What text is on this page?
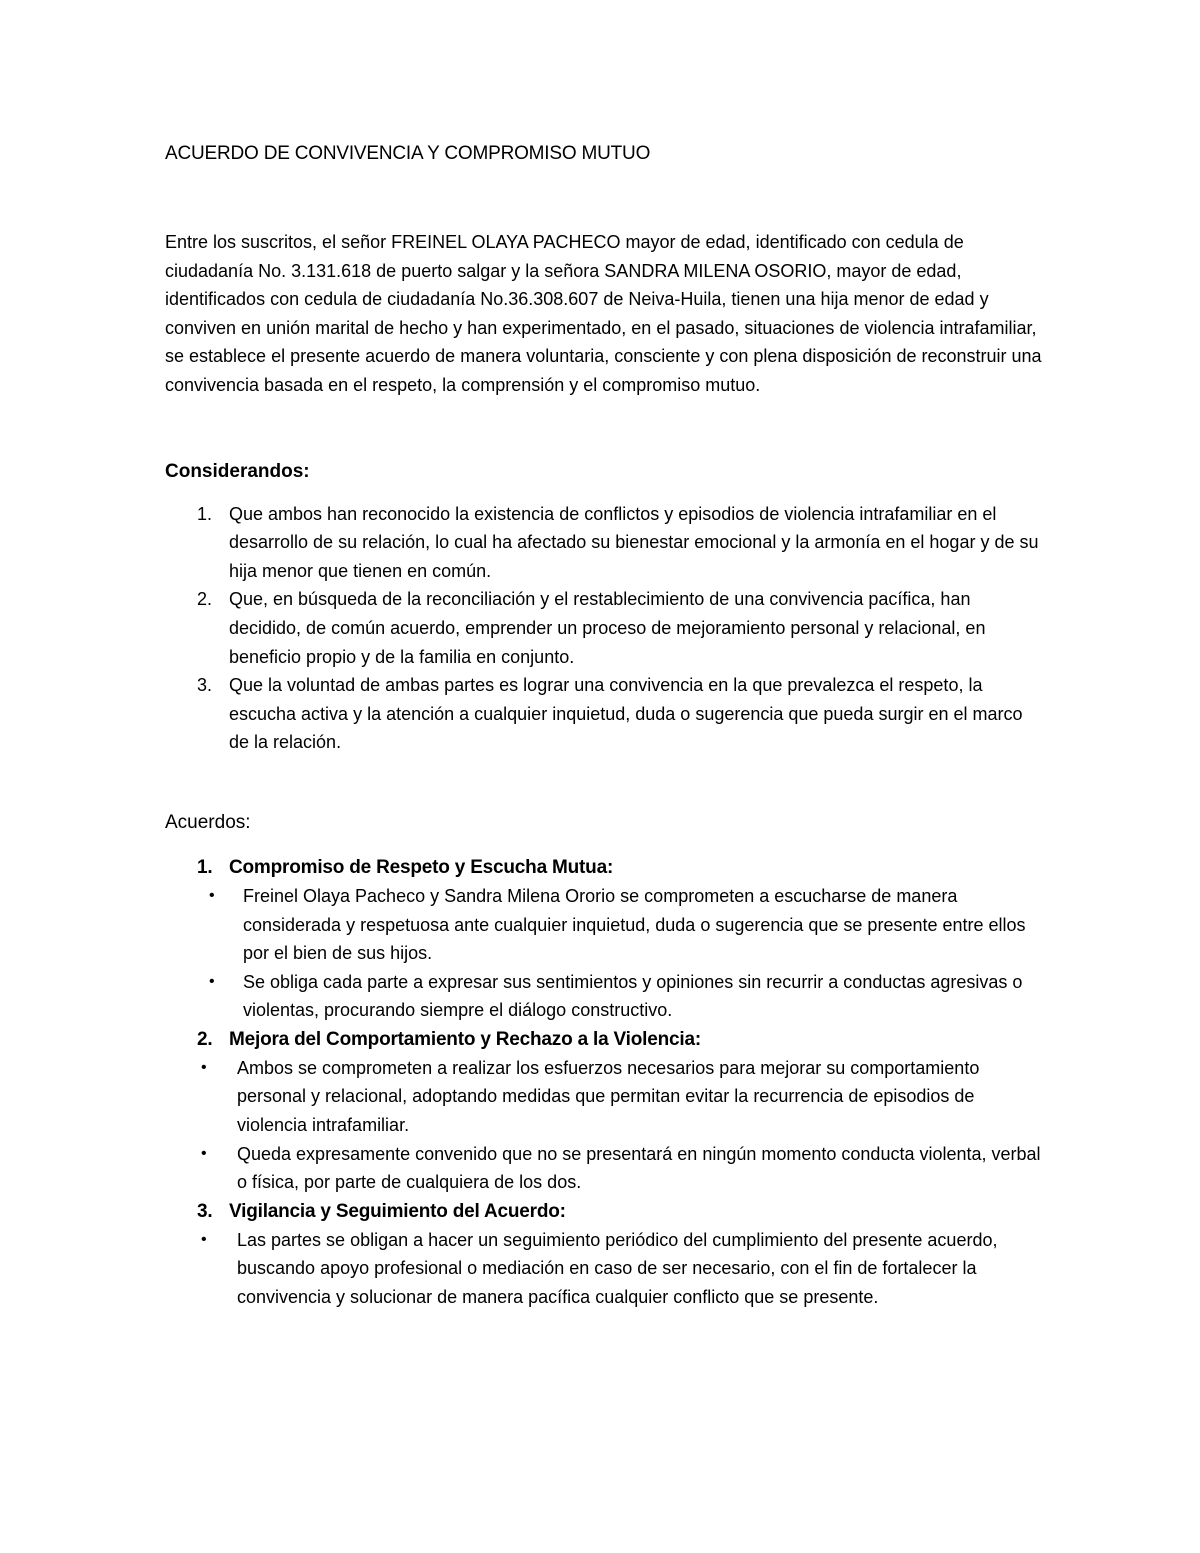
ACUERDO DE CONVIVENCIA Y COMPROMISO MUTUO

Entre los suscritos, el señor FREINEL OLAYA PACHECO mayor de edad, identificado con cedula de ciudadanía No. 3.131.618 de puerto salgar y la señora SANDRA MILENA OSORIO, mayor de edad, identificados con cedula de ciudadanía No.36.308.607 de Neiva-Huila, tienen una hija menor de edad y conviven en unión marital de hecho y han experimentado, en el pasado, situaciones de violencia intrafamiliar, se establece el presente acuerdo de manera voluntaria, consciente y con plena disposición de reconstruir una convivencia basada en el respeto, la comprensión y el compromiso mutuo.

Considerandos:
1. Que ambos han reconocido la existencia de conflictos y episodios de violencia intrafamiliar en el desarrollo de su relación, lo cual ha afectado su bienestar emocional y la armonía en el hogar y de su hija menor que tienen en común.
2. Que, en búsqueda de la reconciliación y el restablecimiento de una convivencia pacífica, han decidido, de común acuerdo, emprender un proceso de mejoramiento personal y relacional, en beneficio propio y de la familia en conjunto.
3. Que la voluntad de ambas partes es lograr una convivencia en la que prevalezca el respeto, la escucha activa y la atención a cualquier inquietud, duda o sugerencia que pueda surgir en el marco de la relación.
Acuerdos:
1. Compromiso de Respeto y Escucha Mutua:
• Freinel Olaya Pacheco y Sandra Milena Ororio se comprometen a escucharse de manera considerada y respetuosa ante cualquier inquietud, duda o sugerencia que se presente entre ellos por el bien de sus hijos.
• Se obliga cada parte a expresar sus sentimientos y opiniones sin recurrir a conductas agresivas o violentas, procurando siempre el diálogo constructivo.
2. Mejora del Comportamiento y Rechazo a la Violencia:
• Ambos se comprometen a realizar los esfuerzos necesarios para mejorar su comportamiento personal y relacional, adoptando medidas que permitan evitar la recurrencia de episodios de violencia intrafamiliar.
• Queda expresamente convenido que no se presentará en ningún momento conducta violenta, verbal o física, por parte de cualquiera de los dos.
3. Vigilancia y Seguimiento del Acuerdo:
• Las partes se obligan a hacer un seguimiento periódico del cumplimiento del presente acuerdo, buscando apoyo profesional o mediación en caso de ser necesario, con el fin de fortalecer la convivencia y solucionar de manera pacífica cualquier conflicto que se presente.
